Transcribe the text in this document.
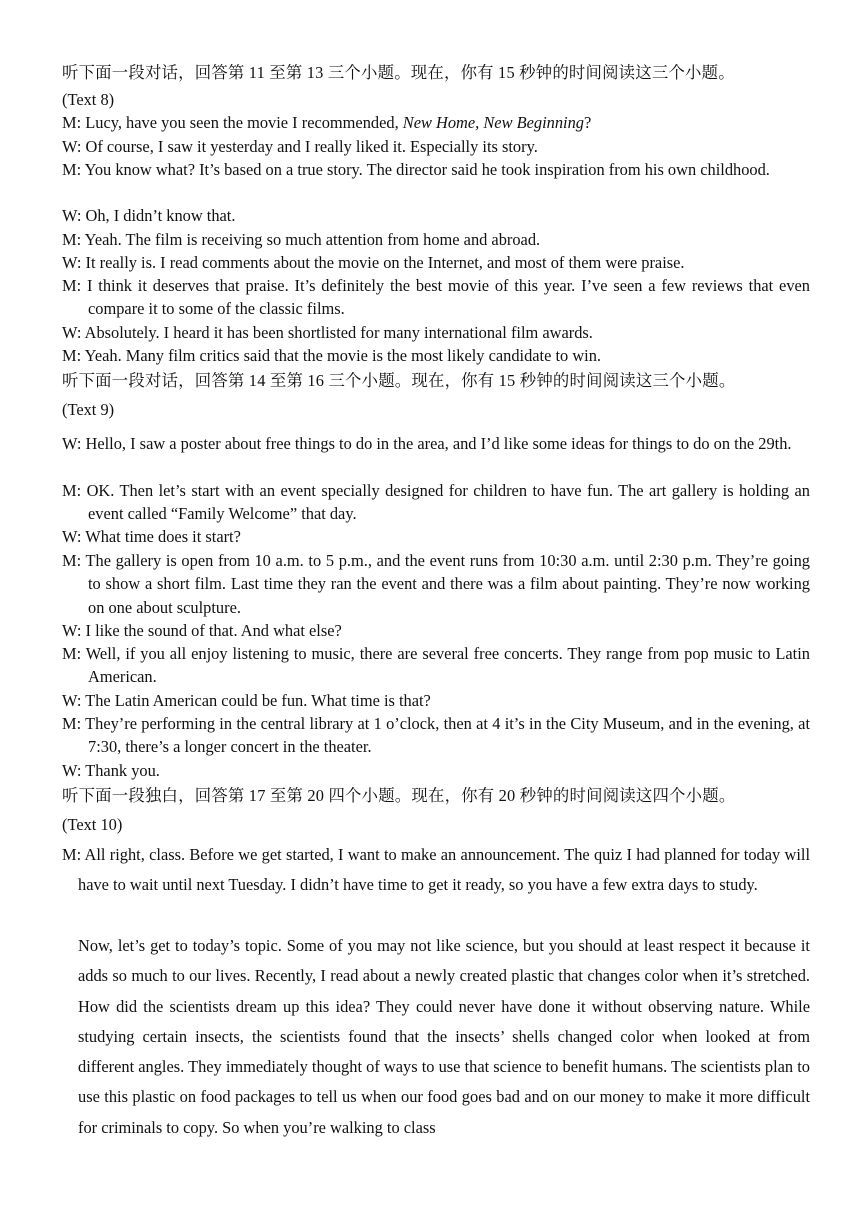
听下面一段对话，回答第 11 至第 13 三个小题。现在，你有 15 秒钟的时间阅读这三个小题。

(Text 8)

M: Lucy, have you seen the movie I recommended, New Home, New Beginning?

W: Of course, I saw it yesterday and I really liked it. Especially its story.

M: You know what? It’s based on a true story. The director said he took inspiration from his own childhood.

W: Oh, I didn’t know that.

M: Yeah. The film is receiving so much attention from home and abroad.

W: It really is. I read comments about the movie on the Internet, and most of them were praise.

M: I think it deserves that praise. It’s definitely the best movie of this year. I’ve seen a few reviews that even compare it to some of the classic films.

W: Absolutely. I heard it has been shortlisted for many international film awards.

M: Yeah. Many film critics said that the movie is the most likely candidate to win.

听下面一段对话，回答第 14 至第 16 三个小题。现在，你有 15 秒钟的时间阅读这三个小题。

(Text 9)

W: Hello, I saw a poster about free things to do in the area, and I’d like some ideas for things to do on the 29th.

M: OK. Then let’s start with an event specially designed for children to have fun. The art gallery is holding an event called “Family Welcome” that day.

W: What time does it start?

M: The gallery is open from 10 a.m. to 5 p.m., and the event runs from 10:30 a.m. until 2:30 p.m. They’re going to show a short film. Last time they ran the event and there was a film about painting. They’re now working on one about sculpture.

W: I like the sound of that. And what else?

M: Well, if you all enjoy listening to music, there are several free concerts. They range from pop music to Latin American.

W: The Latin American could be fun. What time is that?

M: They’re performing in the central library at 1 o’clock, then at 4 it’s in the City Museum, and in the evening, at 7:30, there’s a longer concert in the theater.

W: Thank you.

听下面一段独白，回答第 17 至第 20 四个小题。现在，你有 20 秒钟的时间阅读这四个小题。

(Text 10)

M: All right, class. Before we get started, I want to make an announcement. The quiz I had planned for today will have to wait until next Tuesday. I didn’t have time to get it ready, so you have a few extra days to study.

Now, let’s get to today’s topic. Some of you may not like science, but you should at least respect it because it adds so much to our lives. Recently, I read about a newly created plastic that changes color when it’s stretched. How did the scientists dream up this idea? They could never have done it without observing nature. While studying certain insects, the scientists found that the insects’ shells changed color when looked at from different angles. They immediately thought of ways to use that science to benefit humans. The scientists plan to use this plastic on food packages to tell us when our food goes bad and on our money to make it more difficult for criminals to copy. So when you’re walking to class
